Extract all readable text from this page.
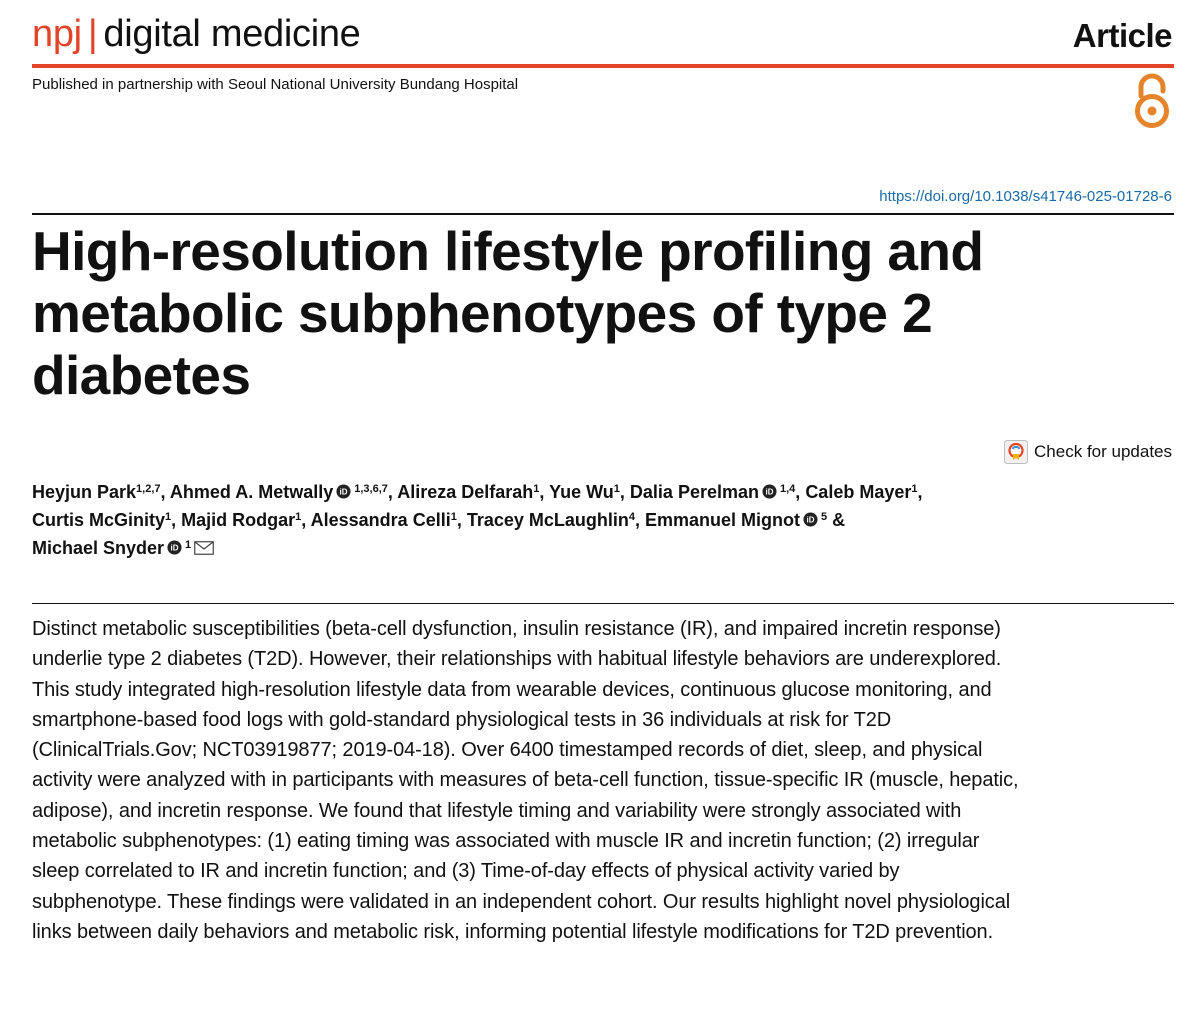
npj | digital medicine	Article
Published in partnership with Seoul National University Bundang Hospital
https://doi.org/10.1038/s41746-025-01728-6
High-resolution lifestyle profiling and metabolic subphenotypes of type 2 diabetes
Check for updates
Heyjun Park$^{1,2,7}$, Ahmed A. Metwally iD $^{1,3,6,7}$, Alireza Delfarah$^1$, Yue Wu$^1$, Dalia Perelman iD $^{1,4}$, Caleb Mayer$^1$,
Curtis McGinity$^1$, Majid Rodgar$^1$, Alessandra Celli$^1$, Tracey McLaughlin$^4$, Emmanuel Mignot iD $^5$ &
Michael Snyder iD $^1$

Distinct metabolic susceptibilities (beta-cell dysfunction, insulin resistance (IR), and impaired incretin response) underlie type 2 diabetes (T2D). However, their relationships with habitual lifestyle behaviors are underexplored. This study integrated high-resolution lifestyle data from wearable devices, continuous glucose monitoring, and smartphone-based food logs with gold-standard physiological tests in 36 individuals at risk for T2D (ClinicalTrials.Gov; NCT03919877; 2019-04-18). Over 6400 timestamped records of diet, sleep, and physical activity were analyzed with in participants with measures of beta-cell function, tissue-specific IR (muscle, hepatic, adipose), and incretin response. We found that lifestyle timing and variability were strongly associated with metabolic subphenotypes: (1) eating timing was associated with muscle IR and incretin function; (2) irregular sleep correlated to IR and incretin function; and (3) Time-of-day effects of physical activity varied by subphenotype. These findings were validated in an independent cohort. Our results highlight novel physiological links between daily behaviors and metabolic risk, informing potential lifestyle modifications for T2D prevention.
